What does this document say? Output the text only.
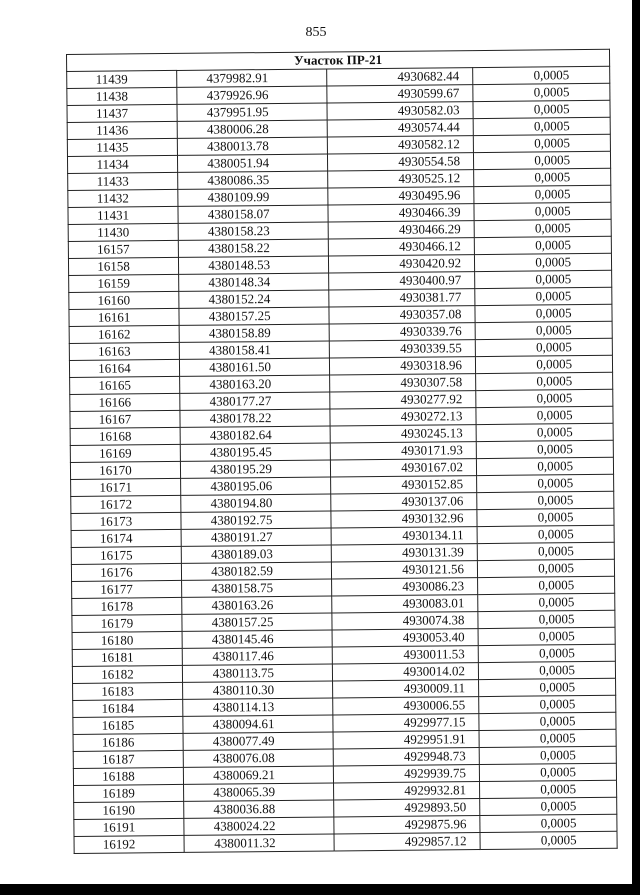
855
Участок ПР-21			
11439	4379982.91	4930682.44	0,0005
11438	4379926.96	4930599.67	0,0005
11437	4379951.95	4930582.03	0,0005
11436	4380006.28	4930574.44	0,0005
11435	4380013.78	4930582.12	0,0005
11434	4380051.94	4930554.58	0,0005
11433	4380086.35	4930525.12	0,0005
11432	4380109.99	4930495.96	0,0005
11431	4380158.07	4930466.39	0,0005
11430	4380158.23	4930466.29	0,0005
16157	4380158.22	4930466.12	0,0005
16158	4380148.53	4930420.92	0,0005
16159	4380148.34	4930400.97	0,0005
16160	4380152.24	4930381.77	0,0005
16161	4380157.25	4930357.08	0,0005
16162	4380158.89	4930339.76	0,0005
16163	4380158.41	4930339.55	0,0005
16164	4380161.50	4930318.96	0,0005
16165	4380163.20	4930307.58	0,0005
16166	4380177.27	4930277.92	0,0005
16167	4380178.22	4930272.13	0,0005
16168	4380182.64	4930245.13	0,0005
16169	4380195.45	4930171.93	0,0005
16170	4380195.29	4930167.02	0,0005
16171	4380195.06	4930152.85	0,0005
16172	4380194.80	4930137.06	0,0005
16173	4380192.75	4930132.96	0,0005
16174	4380191.27	4930134.11	0,0005
16175	4380189.03	4930131.39	0,0005
16176	4380182.59	4930121.56	0,0005
16177	4380158.75	4930086.23	0,0005
16178	4380163.26	4930083.01	0,0005
16179	4380157.25	4930074.38	0,0005
16180	4380145.46	4930053.40	0,0005
16181	4380117.46	4930011.53	0,0005
16182	4380113.75	4930014.02	0,0005
16183	4380110.30	4930009.11	0,0005
16184	4380114.13	4930006.55	0,0005
16185	4380094.61	4929977.15	0,0005
16186	4380077.49	4929951.91	0,0005
16187	4380076.08	4929948.73	0,0005
16188	4380069.21	4929939.75	0,0005
16189	4380065.39	4929932.81	0,0005
16190	4380036.88	4929893.50	0,0005
16191	4380024.22	4929875.96	0,0005
16192	4380011.32	4929857.12	0,0005
